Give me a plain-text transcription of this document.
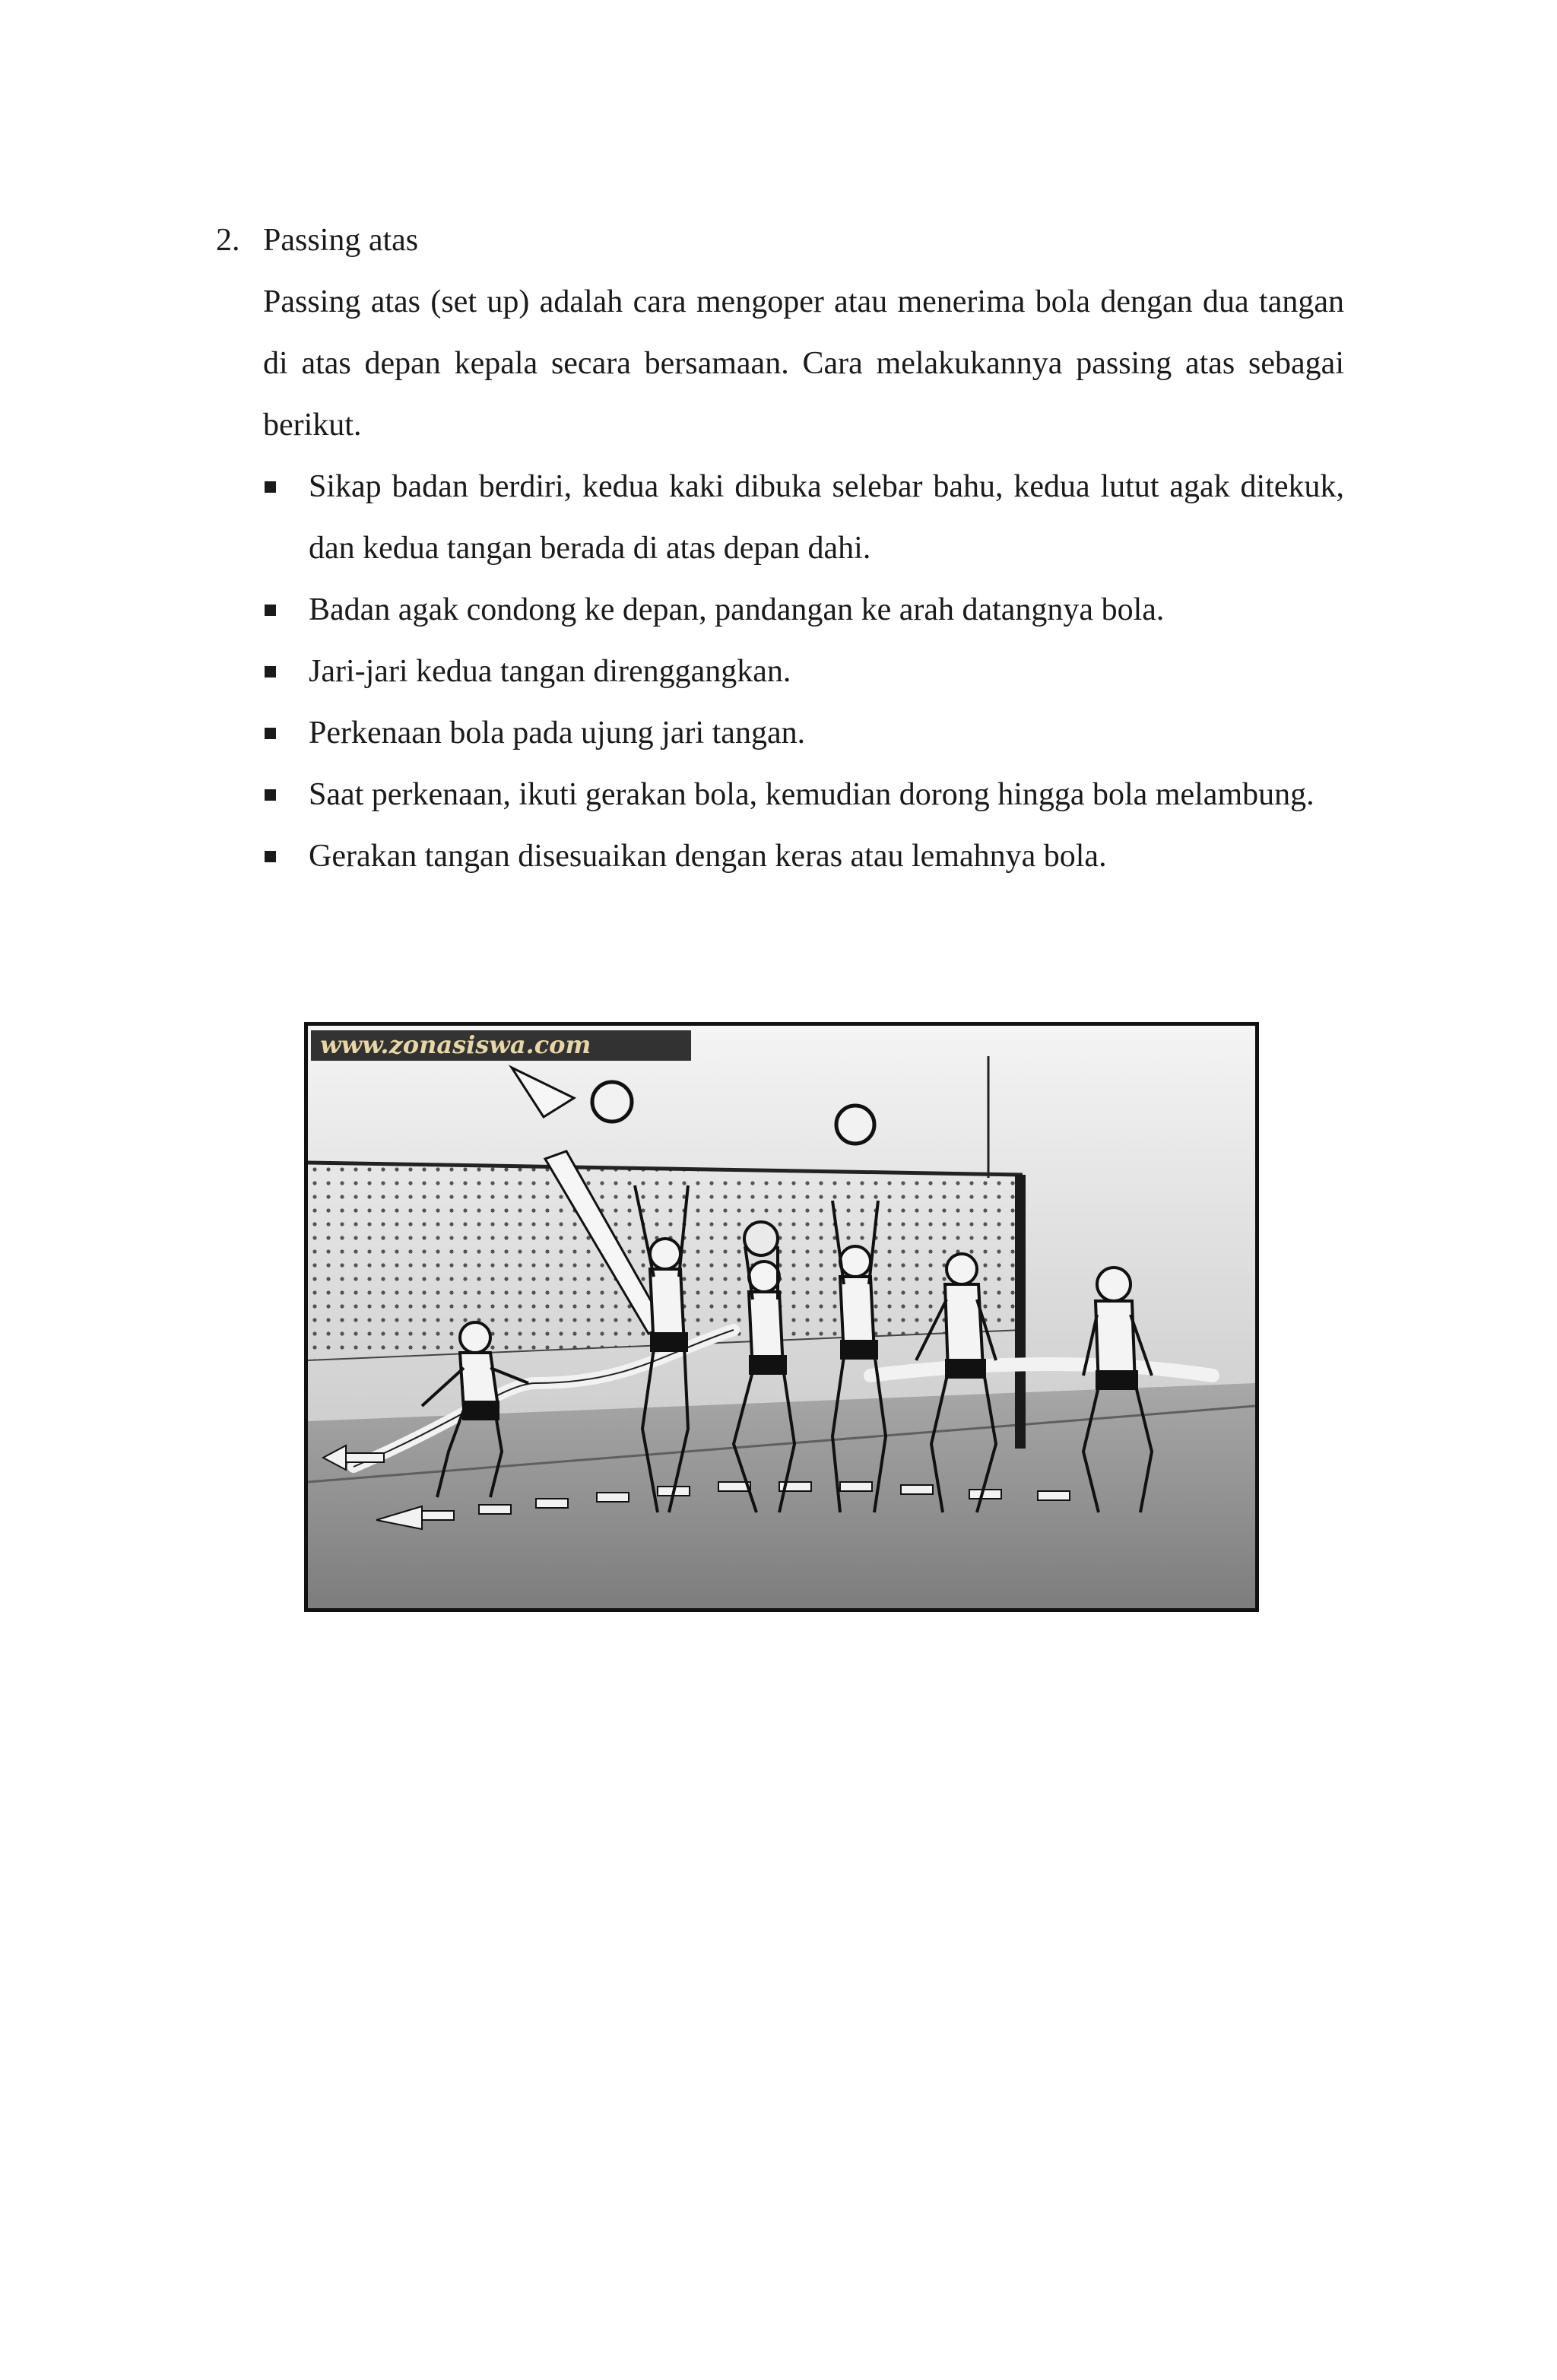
2. Passing atas

Passing atas (set up) adalah cara mengoper atau menerima bola dengan dua tangan di atas depan kepala secara bersamaan. Cara melakukannya passing atas sebagai berikut.

Sikap badan berdiri, kedua kaki dibuka selebar bahu, kedua lutut agak ditekuk, dan kedua tangan berada di atas depan dahi.
Badan agak condong ke depan, pandangan ke arah datangnya bola.
Jari-jari kedua tangan direnggangkan.
Perkenaan bola pada ujung jari tangan.
Saat perkenaan, ikuti gerakan bola, kemudian dorong hingga bola melambung.
Gerakan tangan disesuaikan dengan keras atau lemahnya bola.
www.zonasiswa.com
